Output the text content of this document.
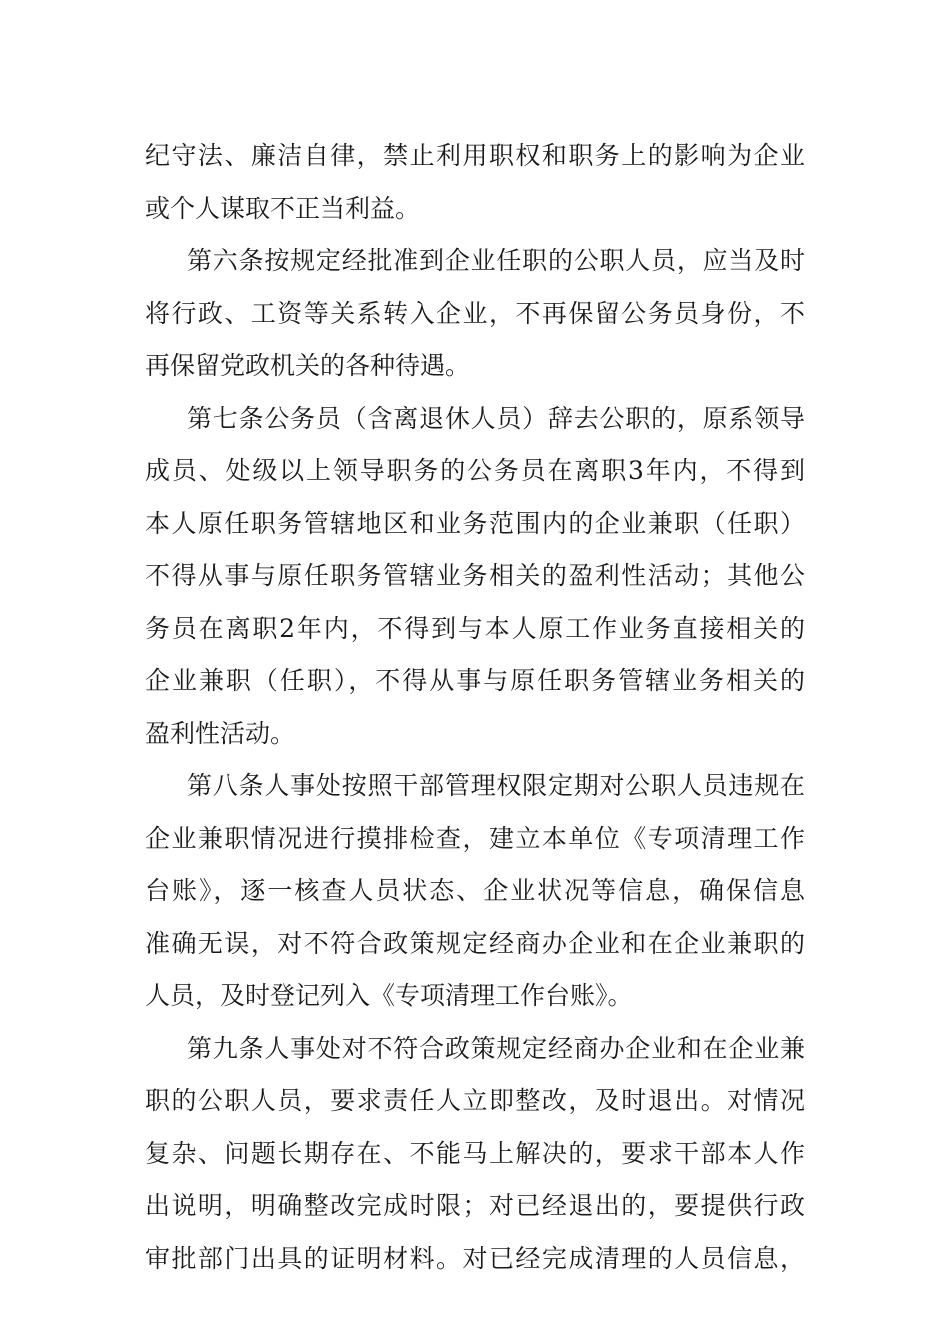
纪守法、廉洁自律，禁止利用职权和职务上的影响为企业
或个人谋取不正当利益。
第六条按规定经批准到企业任职的公职人员，应当及时
将行政、工资等关系转入企业，不再保留公务员身份，不
再保留党政机关的各种待遇。
第七条公务员（含离退休人员）辞去公职的，原系领导
成员、处级以上领导职务的公务员在离职3年内，不得到
本人原任职务管辖地区和业务范围内的企业兼职（任职）
不得从事与原任职务管辖业务相关的盈利性活动；其他公
务员在离职2年内，不得到与本人原工作业务直接相关的
企业兼职（任职），不得从事与原任职务管辖业务相关的
盈利性活动。
第八条人事处按照干部管理权限定期对公职人员违规在
企业兼职情况进行摸排检查，建立本单位《专项清理工作
台账》，逐一核查人员状态、企业状况等信息，确保信息
准确无误，对不符合政策规定经商办企业和在企业兼职的
人员，及时登记列入《专项清理工作台账》。
第九条人事处对不符合政策规定经商办企业和在企业兼
职的公职人员，要求责任人立即整改，及时退出。对情况
复杂、问题长期存在、不能马上解决的，要求干部本人作
出说明，明确整改完成时限；对已经退出的，要提供行政
审批部门出具的证明材料。对已经完成清理的人员信息，
